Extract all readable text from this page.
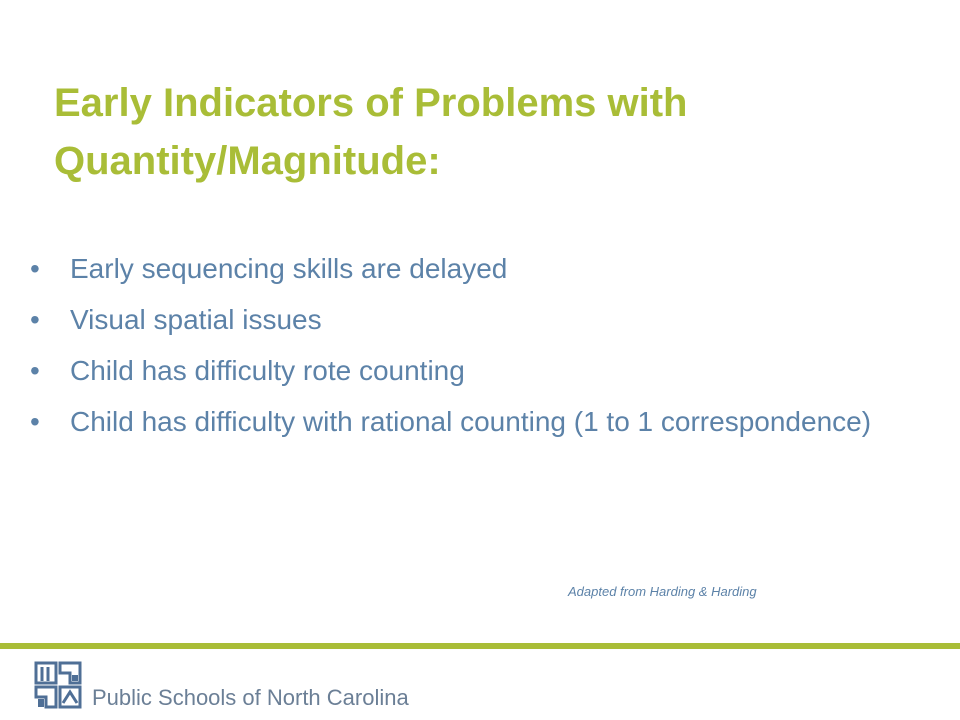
Early Indicators of Problems with Quantity/Magnitude:
•	Early sequencing skills are delayed
•	Visual spatial issues
•	Child has difficulty rote counting
•	Child has difficulty with rational counting (1 to 1 correspondence)
Adapted from Harding & Harding
Public Schools of North Carolina
